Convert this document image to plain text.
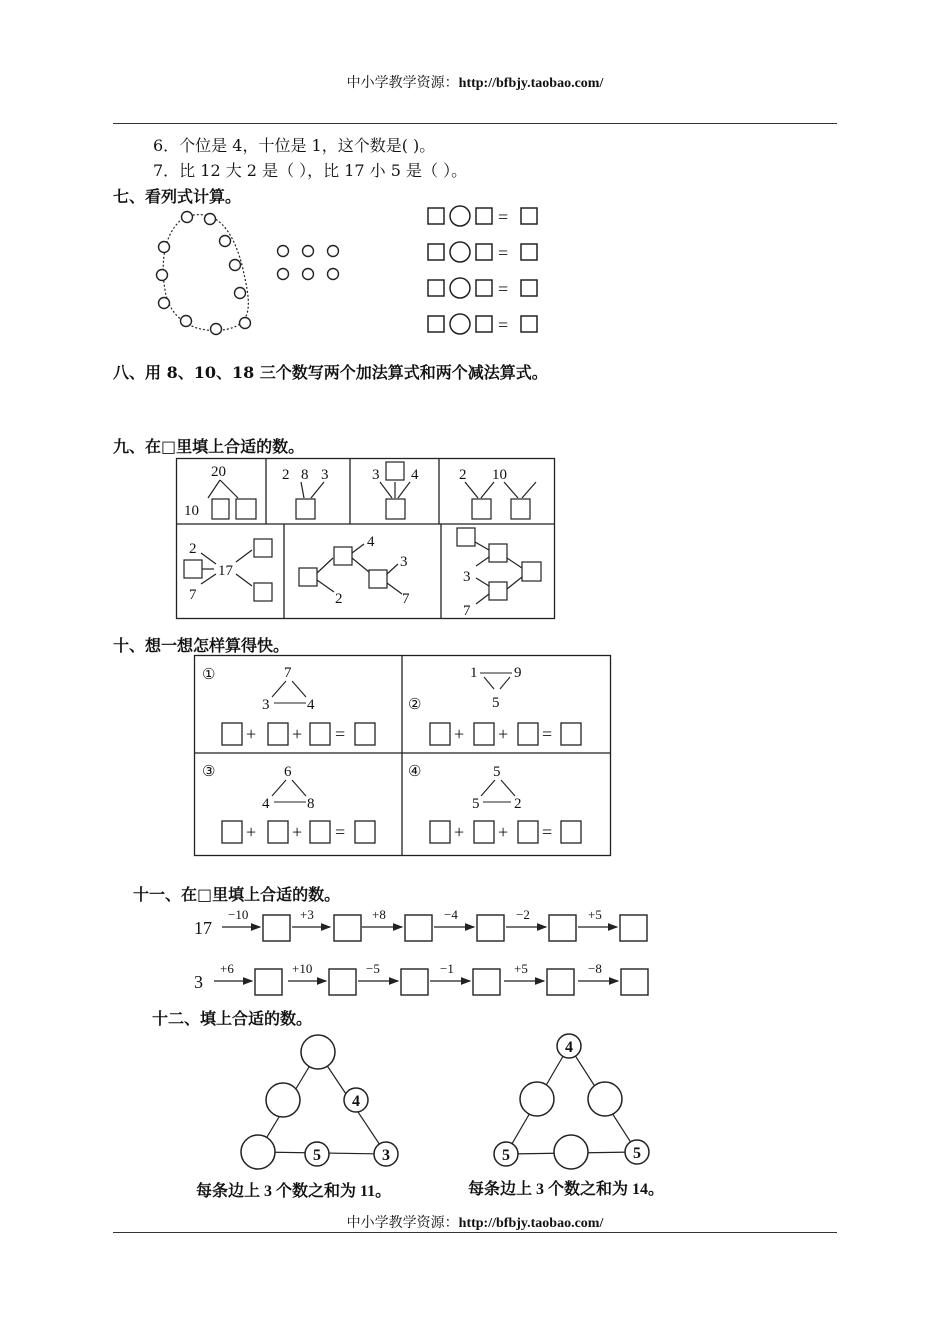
中小学教学资源：http://bfbjy.taobao.com/
6．个位是 4，十位是 1，这个数是( )。
7．比 12 大 2 是（ ），比 17 小 5 是（ ）。
七、看列式计算。
=
=
=
=
八、用 8、10、18 三个数写两个加法算式和两个减法算式。
九、在□里填上合适的数。
20
10
2 8 3	3 4	2 10
2
17
7
4
3
2	7
3
7
十、想一想怎样算得快。
①	7
3	4	②
1 9
5
③	6
4	8
④	5
5 2
+ + =	+ + =
+ + =	+ + =
十一、在□里填上合适的数。
17
3
−10	+3	+8	−4	−2	+5
+6	+10	−5	−1	+5	−8
十二、填上合适的数。
4
5	3
4
5	5
每条边上 3 个数之和为 11。	每条边上 3 个数之和为 14。
中小学教学资源：http://bfbjy.taobao.com/
